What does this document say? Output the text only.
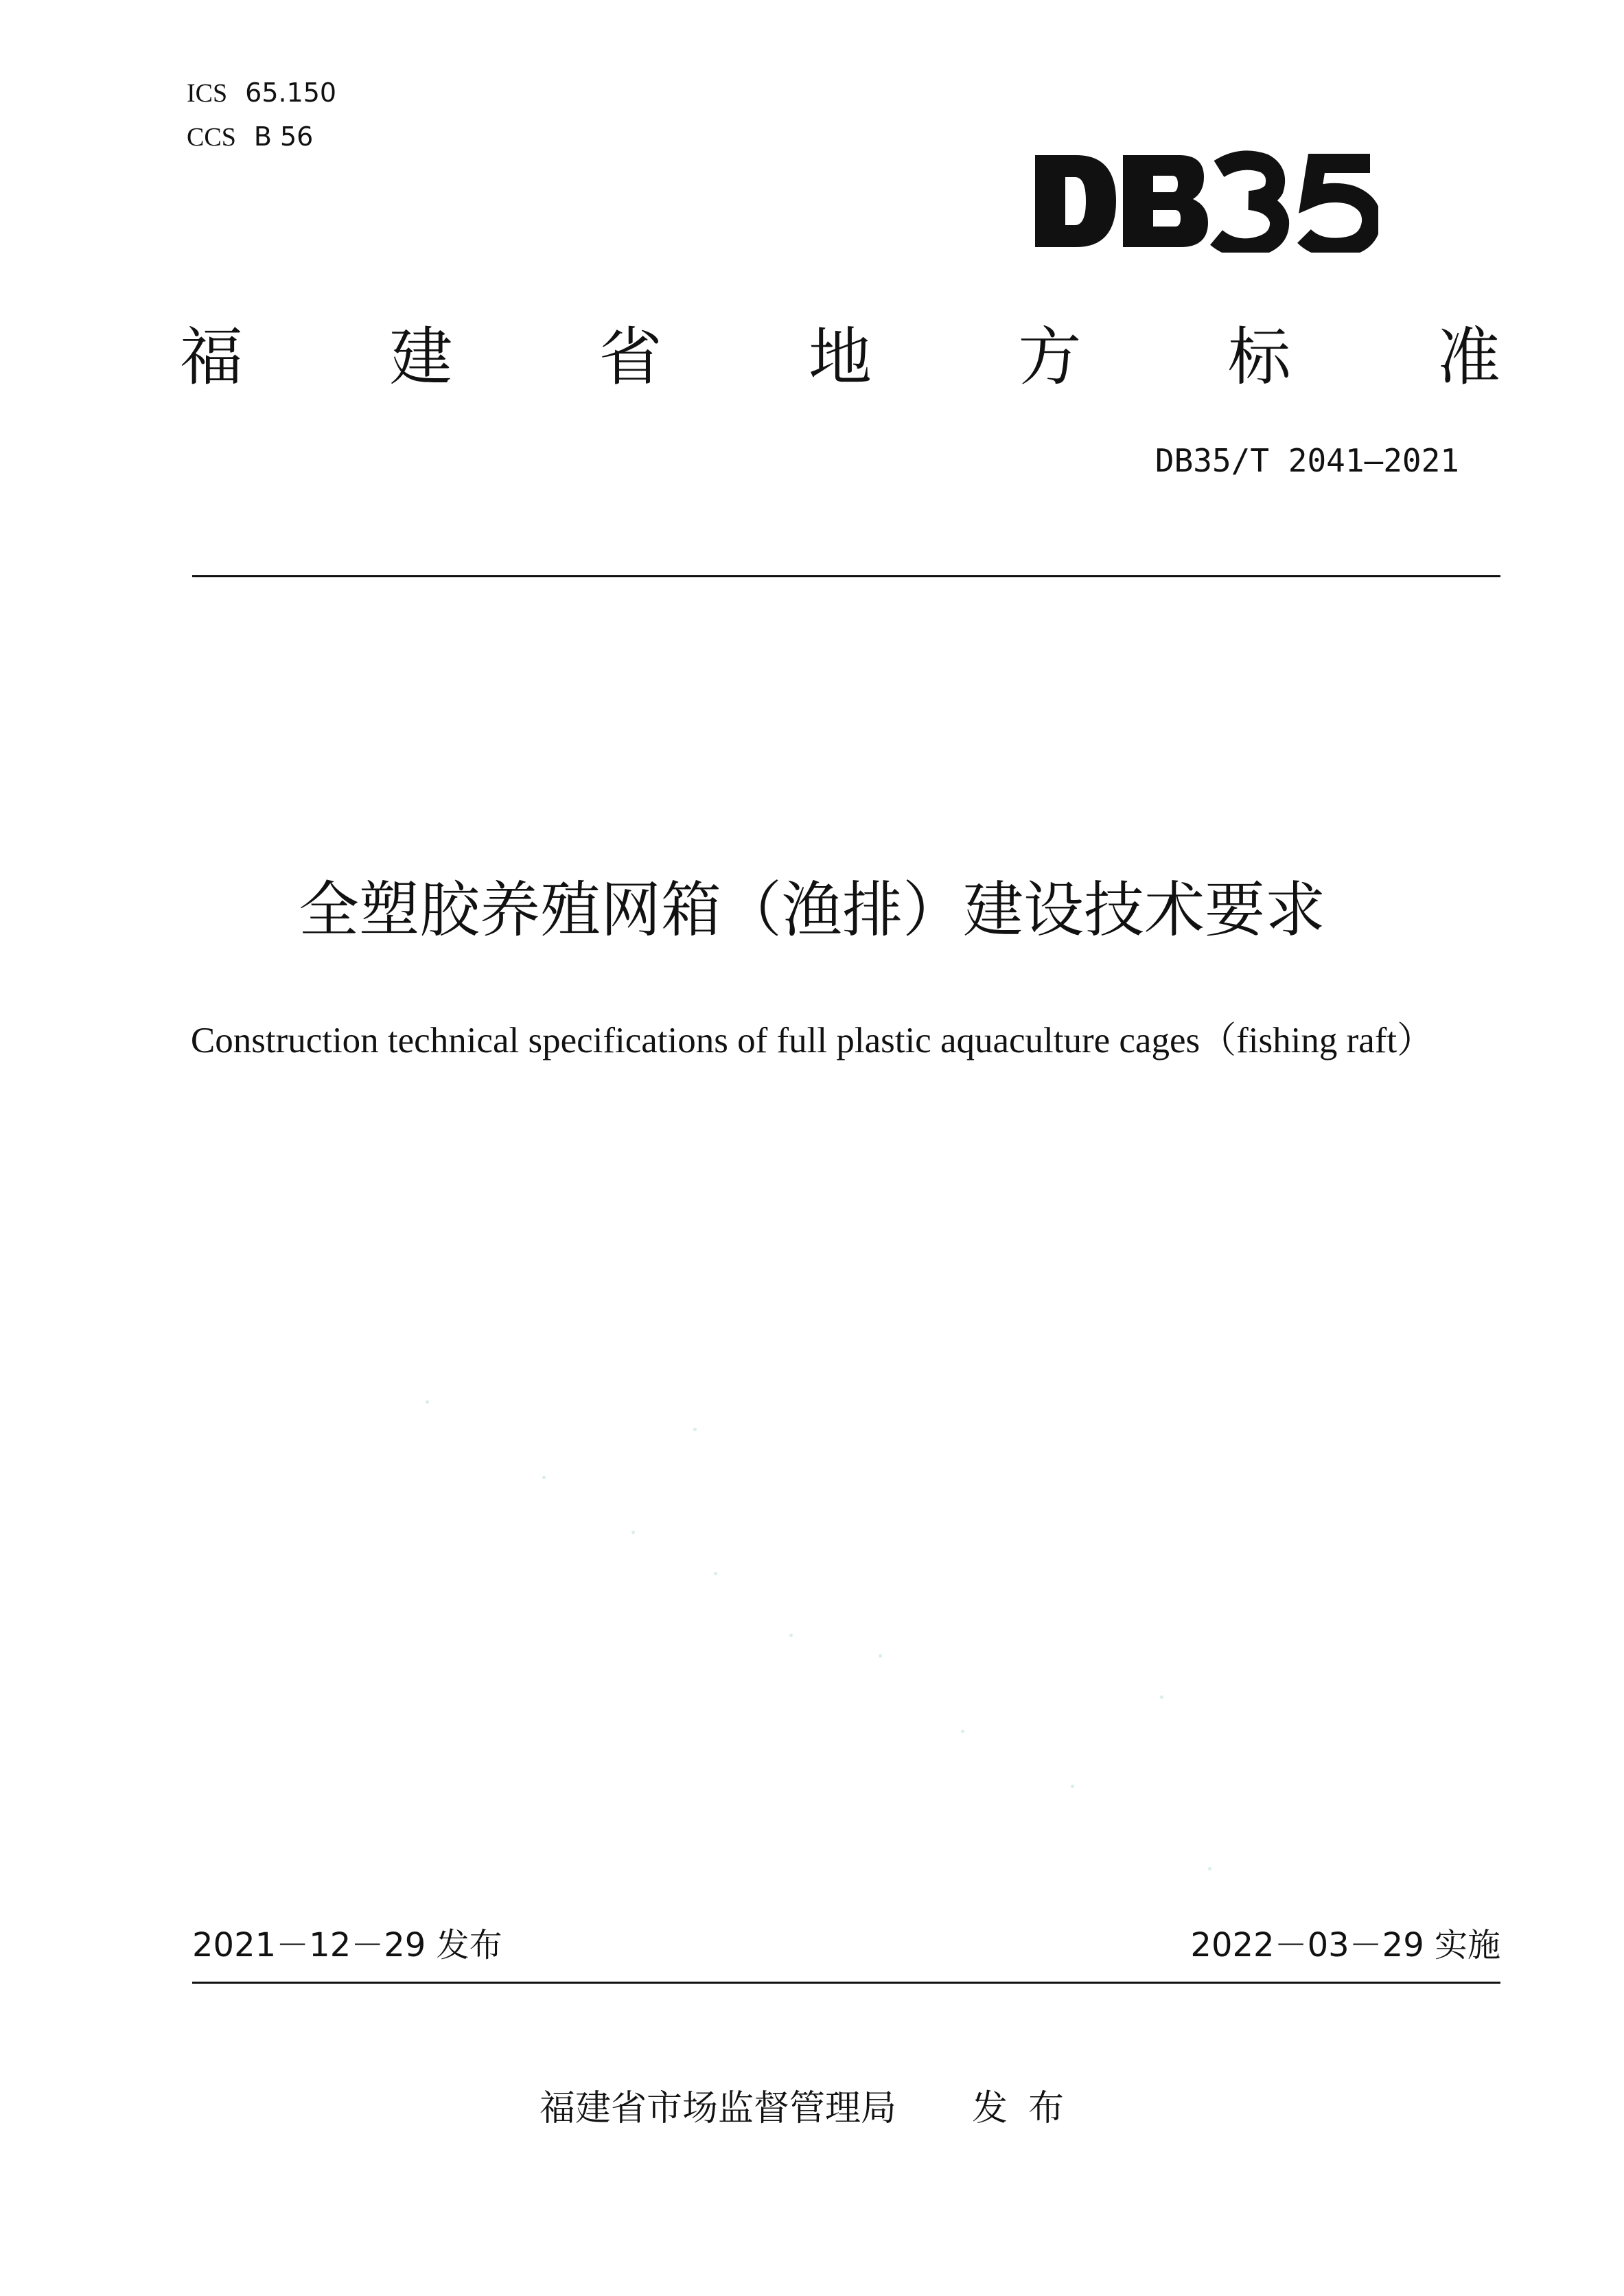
ICS 65.150
CCS B 56
福 建 省 地 方 标 准
DB35/T 2041—2021
全塑胶养殖网箱（渔排）建设技术要求
Construction technical specifications of full plastic aquaculture cages（fishing raft）
2021－12－29 发布	2022－03－29 实施
福建省市场监督管理局 发布
